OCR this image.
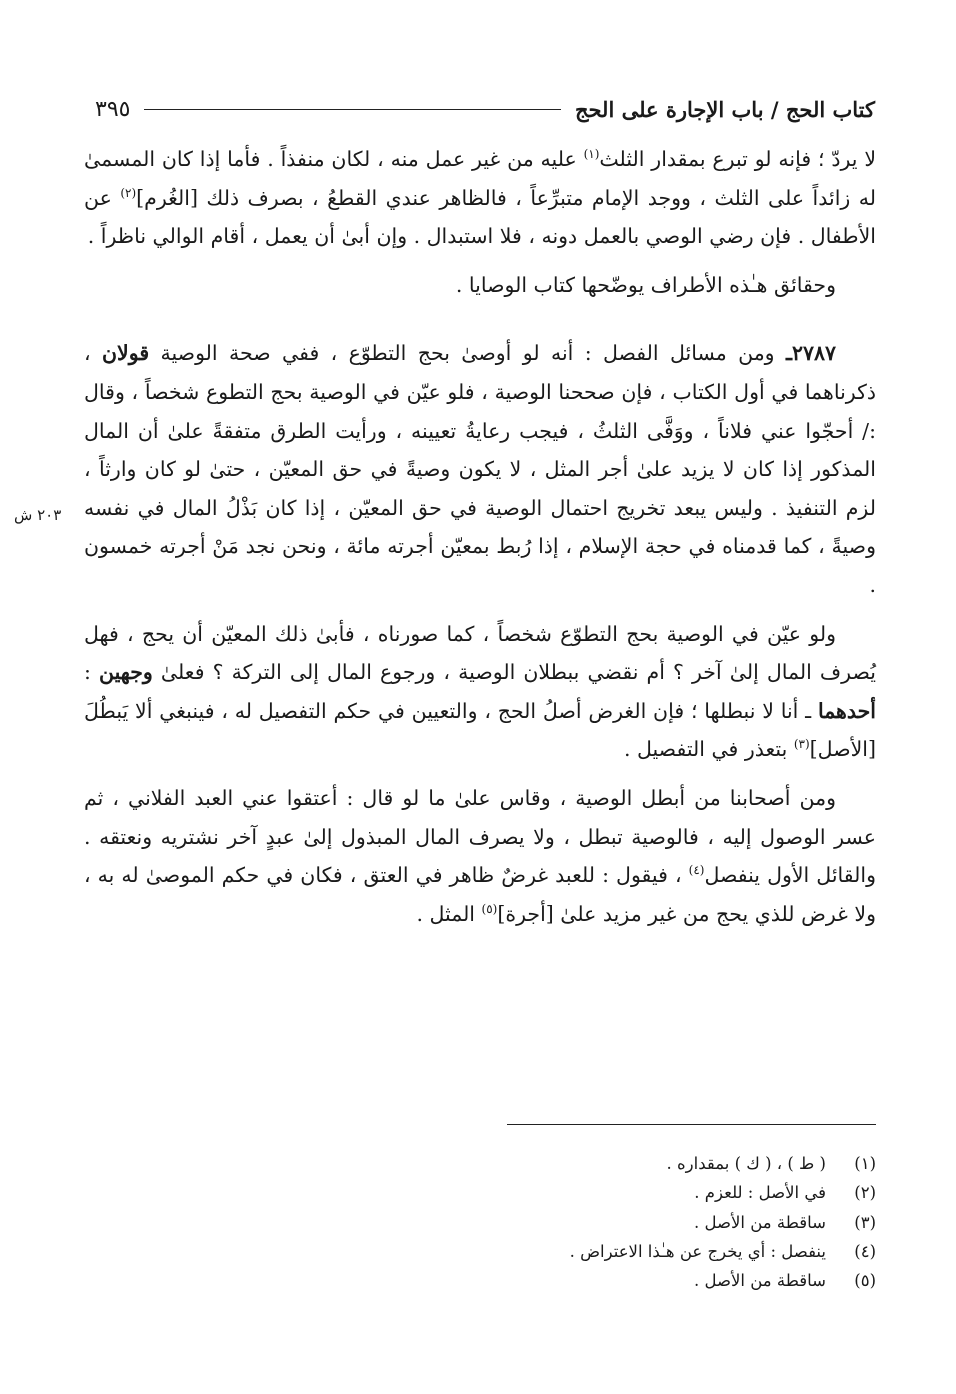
كتاب الحج / باب الإجارة على الحج
٣٩٥
٢٠٣ ش

لا يردّ ؛ فإنه لو تبرع بمقدار الثلث$^{(١)}$ عليه من غير عمل منه ، لكان منفذاً . فأما إذا كان المسمىٰ له زائداً على الثلث ، ووجد الإمام متبرِّعاً ، فالظاهر عندي القطعُ ، بصرف ذلك [الغُرم]$^{(٢)}$ عن الأطفال . فإن رضي الوصي بالعمل دونه ، فلا استبدال . وإن أبىٰ أن يعمل ، أقام الوالي ناظراً .

وحقائق هـٰذه الأطراف يوضّحها كتاب الوصايا .

٢٧٨٧ـ ومن مسائل الفصل : أنه لو أوصىٰ بحج التطوّع ، ففي صحة الوصية قولان ، ذكرناهما في أول الكتاب ، فإن صححنا الوصية ، فلو عيّن في الوصية بحج التطوع شخصاً ، وقال :/ أحجّوا عني فلاناً ، ووَفَّى الثلثُ ، فيجب رعايةُ تعيينه ، ورأيت الطرق متفقةً علىٰ أن المال المذكور إذا كان لا يزيد علىٰ أجر المثل ، لا يكون وصيةً في حق المعيّن ، حتىٰ لو كان وارثاً ، لزم التنفيذ . وليس يبعد تخريج احتمال الوصية في حق المعيّن ، إذا كان بَذْلُ المال في نفسه وصيةً ، كما قدمناه في حجة الإسلام ، إذا رُبط بمعيّن أجرته مائة ، ونحن نجد مَنْ أجرته خمسون .

ولو عيّن في الوصية بحج التطوّع شخصاً ، كما صورناه ، فأبىٰ ذلك المعيّن أن يحج ، فهل يُصرف المال إلىٰ آخر ؟ أم نقضي ببطلان الوصية ، ورجوع المال إلى التركة ؟ فعلىٰ وجهين : أحدهما ـ أنا لا نبطلها ؛ فإن الغرض أصلُ الحج ، والتعيين في حكم التفصيل له ، فينبغي ألا يَبطُلَ [الأصل]$^{(٣)}$ بتعذر في التفصيل .

ومن أصحابنا من أبطل الوصية ، وقاس علىٰ ما لو قال : أعتقوا عني العبد الفلاني ، ثم عسر الوصول إليه ، فالوصية تبطل ، ولا يصرف المال المبذول إلىٰ عبدٍ آخر نشتريه ونعتقه . والقائل الأول ينفصل$^{(٤)}$ ، فيقول : للعبد غرضٌ ظاهر في العتق ، فكان في حكم الموصىٰ له به ، ولا غرض للذي يحج من غير مزيد علىٰ [أجرة]$^{(٥)}$ المثل .

(١)
( ط ) ، ( ك ) بمقداره .
(٢)
في الأصل : للعزم .
(٣)
ساقطة من الأصل .
(٤)
ينفصل : أي يخرج عن هـٰذا الاعتراض .
(٥)
ساقطة من الأصل .
